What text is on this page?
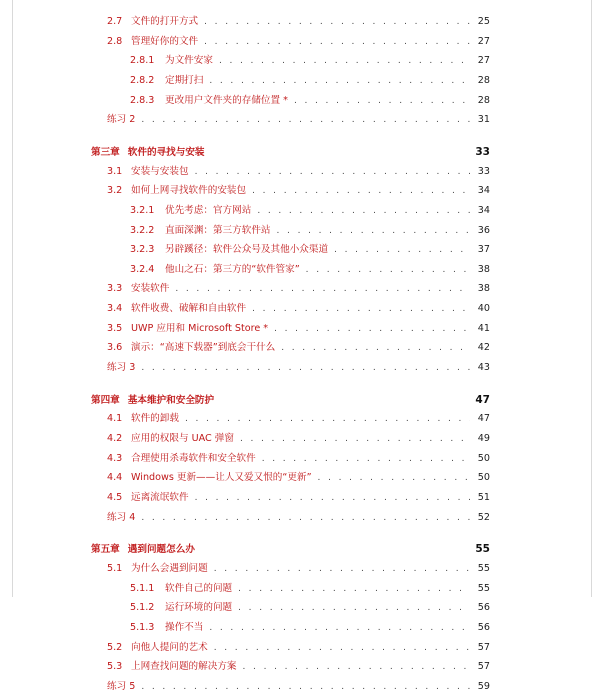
2.7 文件的打开方式 . . .	25
2.8 管理好你的文件 . . .	27
2.8.1	为文件安家 . . .	27
2.8.2	定期打扫 . . .	28
2.8.3	更改用户文件夹的存储位置 * . . .	28
练习 2 . . .	31
第三章 软件的寻找与安装	33
3.1 安装与安装包 . . .	33
3.2 如何上网寻找软件的安装包 . . .	34
3.2.1	优先考虑：官方网站 . . .	34
3.2.2	直面深渊：第三方软件站 . . .	36
3.2.3	另辟蹊径：软件公众号及其他小众渠道 . . .	37
3.2.4	他山之石：第三方的“软件管家” . . .	38
3.3 安装软件 . . .	38
3.4 软件收费、破解和自由软件 . . .	40
3.5 UWP 应用和 Microsoft Store * . . .	41
3.6 演示：“高速下载器”到底会干什么 . . .	42
练习 3 . . .	43
第四章 基本维护和安全防护	47
4.1 软件的卸载 . . .	47
4.2 应用的权限与 UAC 弹窗 . . .	49
4.3 合理使用杀毒软件和安全软件 . . .	50
4.4 Windows 更新——让人又爱又恨的“更新” . . .	50
4.5 远离流氓软件 . . .	51
练习 4 . . .	52
第五章 遇到问题怎么办	55
5.1 为什么会遇到问题 . . .	55
5.1.1	软件自己的问题 . . .	55
5.1.2	运行环境的问题 . . .	56
5.1.3	操作不当 . . .	56
5.2 向他人提问的艺术 . . .	57
5.3 上网查找问题的解决方案 . . .	57
练习 5 . . .	59
